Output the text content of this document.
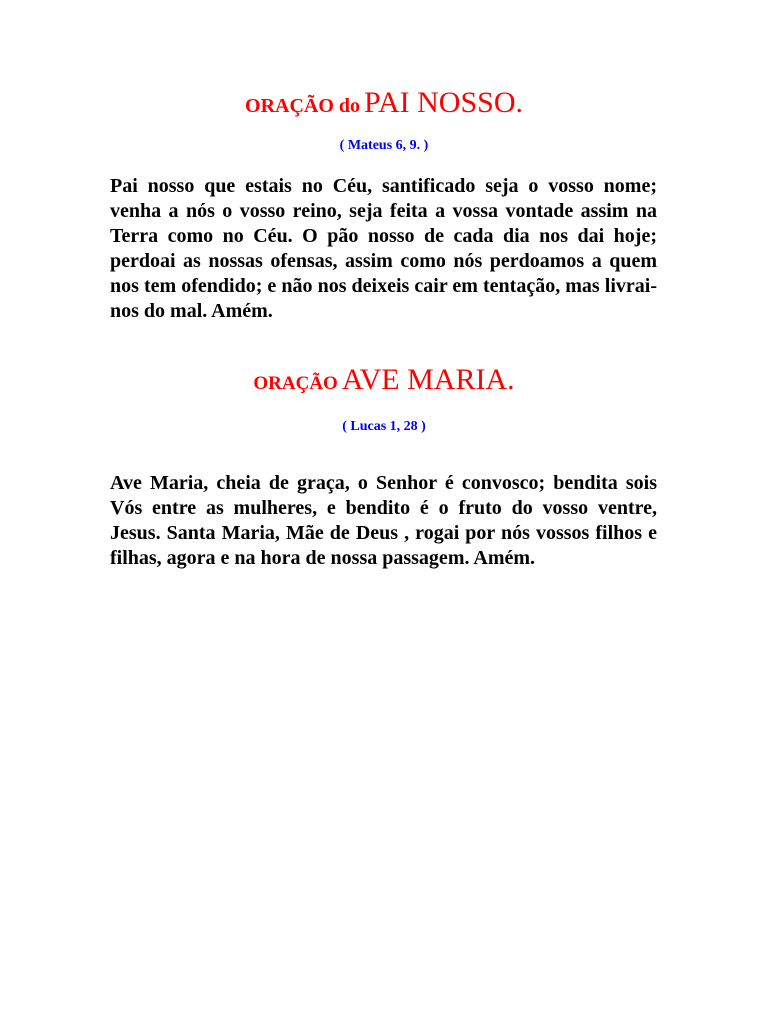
ORAÇÃO do PAI NOSSO.
( Mateus 6, 9. )

Pai nosso que estais no Céu, santificado seja o vosso nome; venha a nós o vosso reino, seja feita a vossa vontade assim na Terra como no Céu. O pão nosso de cada dia nos dai hoje; perdoai as nossas ofensas, assim como nós perdoamos a quem nos tem ofendido; e não nos deixeis cair em tentação, mas livrai-nos do mal. Amém.

ORAÇÃO AVE MARIA.
( Lucas 1, 28 )

Ave Maria, cheia de graça, o Senhor é convosco; bendita sois Vós entre as mulheres, e bendito é o fruto do vosso ventre, Jesus. Santa Maria, Mãe de Deus , rogai por nós vossos filhos e filhas, agora e na hora de nossa passagem. Amém.
